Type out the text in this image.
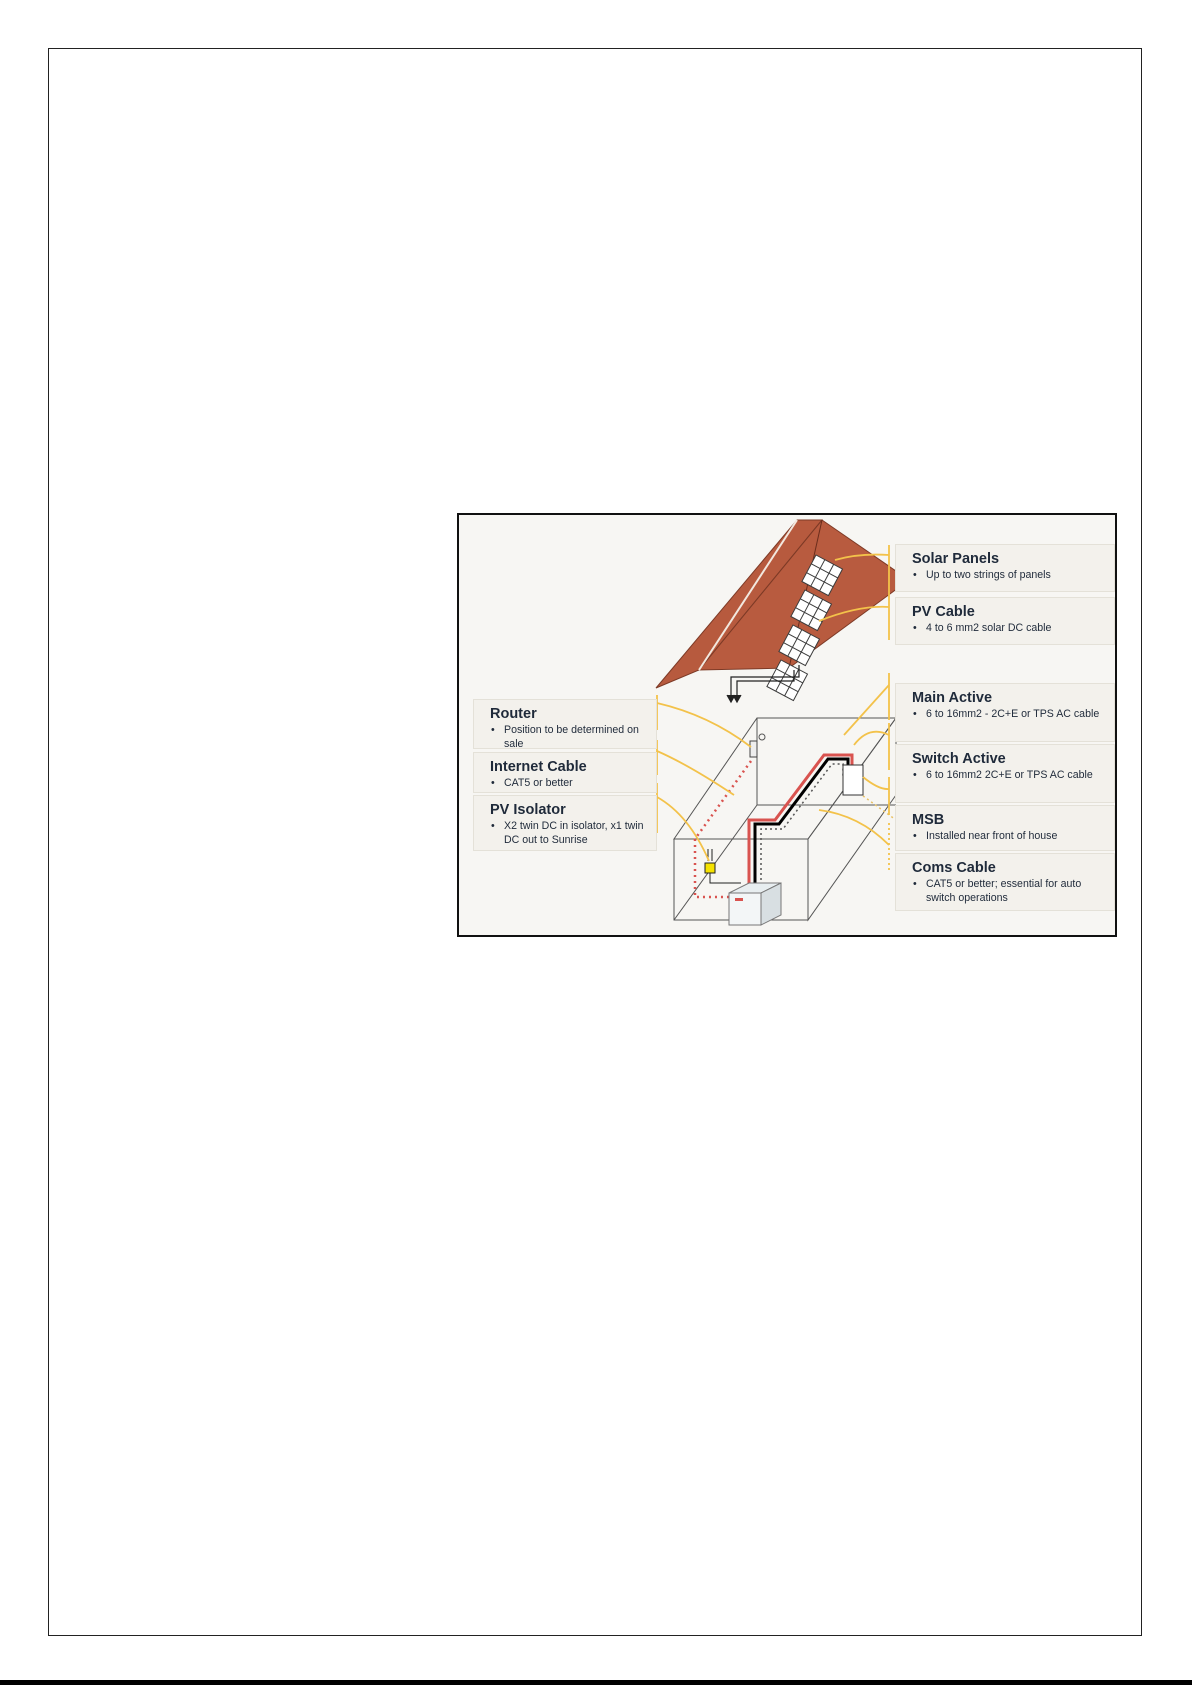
Solar Panels
• Up to two strings of panels
PV Cable
• 4 to 6 mm2 solar DC cable
Main Active
• 6 to 16mm2 - 2C+E or TPS AC cable
Switch Active
• 6 to 16mm2 2C+E or TPS AC cable
MSB
• Installed near front of house
Coms Cable
• CAT5 or better; essential for auto switch operations
Router
• Position to be determined on sale
Internet Cable
• CAT5 or better
PV Isolator
• X2 twin DC in isolator, x1 twin DC out to Sunrise
